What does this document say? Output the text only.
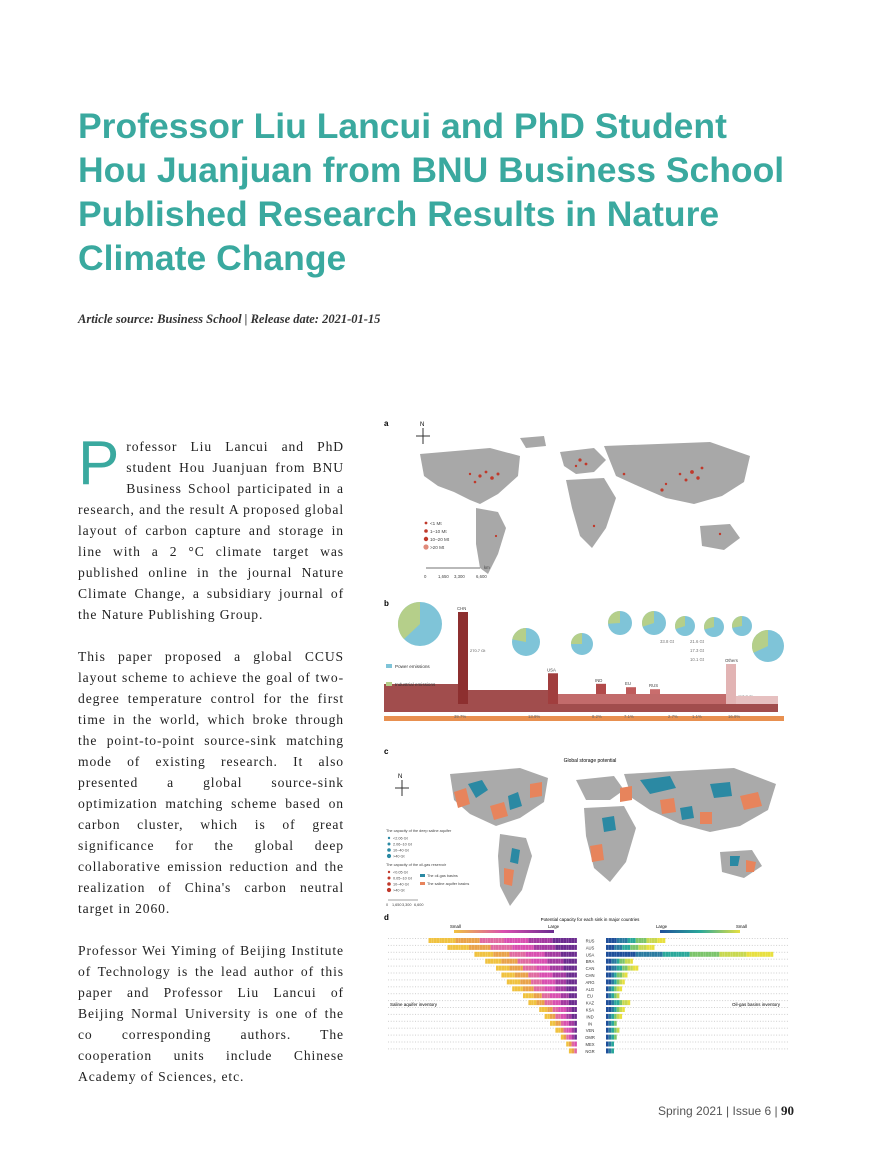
Professor Liu Lancui and PhD Student Hou Juanjuan from BNU Business School Published Research Results in Nature Climate Change
Article source: Business School | Release date: 2021-01-15

Professor Liu Lancui and PhD student Hou Juanjuan from BNU Business School participated in a research, and the result A proposed global layout of carbon capture and storage in line with a 2 °C climate target was published online in the journal Nature Climate Change, a subsidiary journal of the Nature Publishing Group.

This paper proposed a global CCUS layout scheme to achieve the goal of two-degree temperature control for the first time in the world, which broke through the point-to-point source-sink matching mode of existing research. It also presented a global source-sink optimization matching scheme based on carbon cluster, which is of great significance for the global deep collaborative emission reduction and the realization of China's carbon neutral target in 2060.

Professor Wei Yiming of Beijing Institute of Technology is the lead author of this paper and Professor Liu Lancui of Beijing Normal University is one of the co corresponding authors. The cooperation units include Chinese Academy of Sciences, etc.

a	N
<1 Mt
1–10 Mt
10–20 Mt
>20 Mt
km
0	1,650 3,300	6,600
b
CHN
270.7 Gt
USA
IND
EU	RUS
Others
39.7%	13.9%	8.2%	7.1%	2.7%	1.1%	16.9%
33.8 Gt	21.6 Gt
17.3 Gt
10.1 Gt
Power emissions
Industrial emissions
c
Global storage potential
N
The capacity of the deep saline aquifer
<2.06 Gt
2.06–10 Gt
10–40 Gt
>40 Gt
The capacity of the oil-gas reservoir
<0.05 Gt
0.05–10 Gt
10–40 Gt
>40 Gt
The oil-gas basins
The saline aquifer basins
0 1,650 3,300 6,600
d	Potential capacity for each sink in major countries
Small	Large	Large	Small
RUS
AUS
USA
BRA
CAN
CHN
ARG
ALG
EU
KAZ
KSA
IND
IN
VEN
OMR
MEX
NGR
Saline aquifer inventory	Oil-gas basins inventory
Spring 2021 | Issue 6 | 90
